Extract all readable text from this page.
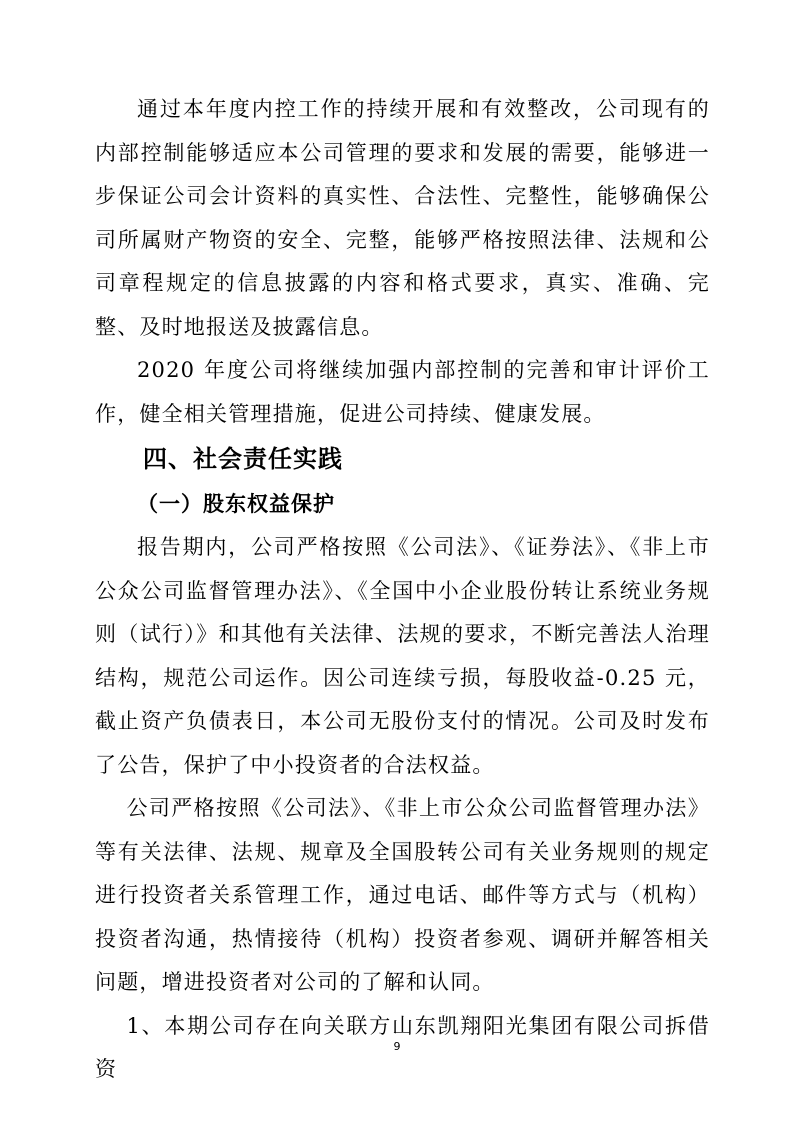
通过本年度内控工作的持续开展和有效整改，公司现有的内部控制能够适应本公司管理的要求和发展的需要，能够进一步保证公司会计资料的真实性、合法性、完整性，能够确保公司所属财产物资的安全、完整，能够严格按照法律、法规和公司章程规定的信息披露的内容和格式要求，真实、准确、完整、及时地报送及披露信息。

2020 年度公司将继续加强内部控制的完善和审计评价工作，健全相关管理措施，促进公司持续、健康发展。

四、社会责任实践
（一）股东权益保护

报告期内，公司严格按照《公司法》、《证券法》、《非上市公众公司监督管理办法》、《全国中小企业股份转让系统业务规则（试行）》和其他有关法律、法规的要求，不断完善法人治理结构，规范公司运作。因公司连续亏损，每股收益-0.25 元，截止资产负债表日，本公司无股份支付的情况。公司及时发布了公告，保护了中小投资者的合法权益。

公司严格按照《公司法》、《非上市公众公司监督管理办法》等有关法律、法规、规章及全国股转公司有关业务规则的规定进行投资者关系管理工作，通过电话、邮件等方式与（机构）投资者沟通，热情接待（机构）投资者参观、调研并解答相关问题，增进投资者对公司的了解和认同。

1、本期公司存在向关联方山东凯翔阳光集团有限公司拆借资

9
